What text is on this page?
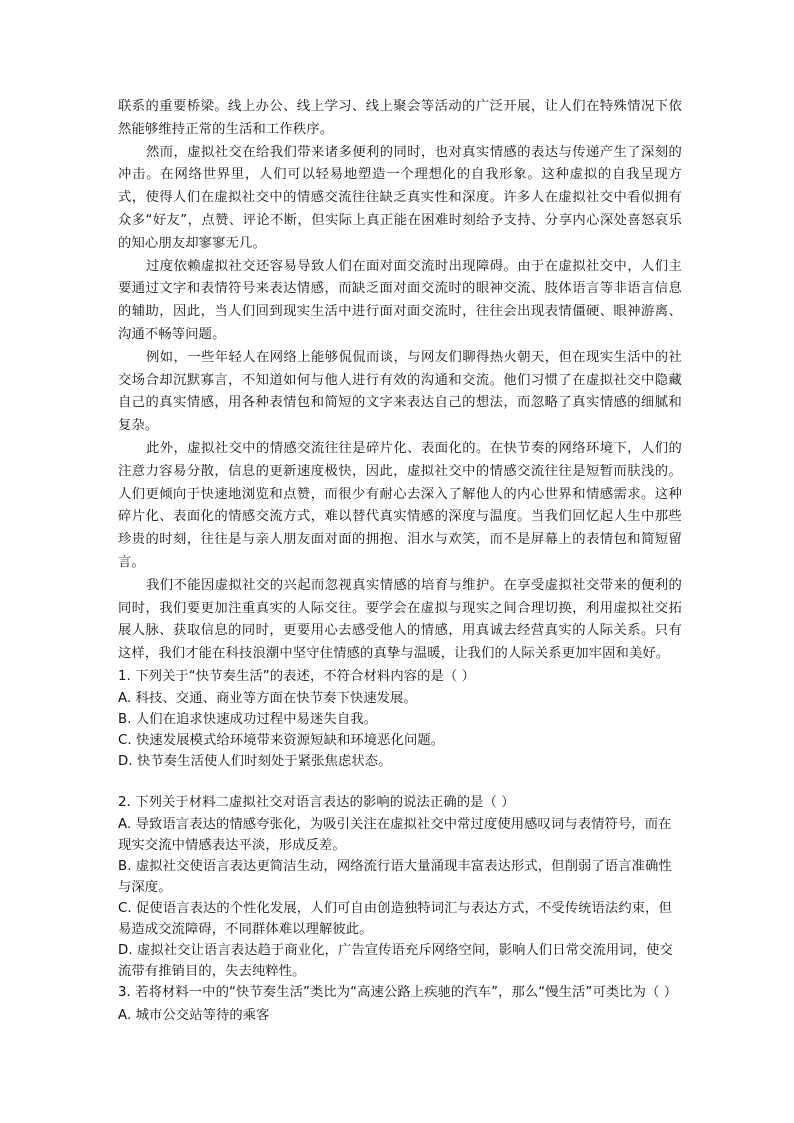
联系的重要桥梁。线上办公、线上学习、线上聚会等活动的广泛开展，让人们在特殊情况下依然能够维持正常的生活和工作秩序。

然而，虚拟社交在给我们带来诸多便利的同时，也对真实情感的表达与传递产生了深刻的冲击。在网络世界里，人们可以轻易地塑造一个理想化的自我形象。这种虚拟的自我呈现方式，使得人们在虚拟社交中的情感交流往往缺乏真实性和深度。许多人在虚拟社交中看似拥有众多“好友”，点赞、评论不断，但实际上真正能在困难时刻给予支持、分享内心深处喜怒哀乐的知心朋友却寥寥无几。

过度依赖虚拟社交还容易导致人们在面对面交流时出现障碍。由于在虚拟社交中，人们主要通过文字和表情符号来表达情感，而缺乏面对面交流时的眼神交流、肢体语言等非语言信息的辅助，因此，当人们回到现实生活中进行面对面交流时，往往会出现表情僵硬、眼神游离、沟通不畅等问题。

例如，一些年轻人在网络上能够侃侃而谈，与网友们聊得热火朝天，但在现实生活中的社交场合却沉默寡言，不知道如何与他人进行有效的沟通和交流。他们习惯了在虚拟社交中隐藏自己的真实情感，用各种表情包和简短的文字来表达自己的想法，而忽略了真实情感的细腻和复杂。

此外，虚拟社交中的情感交流往往是碎片化、表面化的。在快节奏的网络环境下，人们的注意力容易分散，信息的更新速度极快，因此，虚拟社交中的情感交流往往是短暂而肤浅的。人们更倾向于快速地浏览和点赞，而很少有耐心去深入了解他人的内心世界和情感需求。这种碎片化、表面化的情感交流方式，难以替代真实情感的深度与温度。当我们回忆起人生中那些珍贵的时刻，往往是与亲人朋友面对面的拥抱、泪水与欢笑，而不是屏幕上的表情包和简短留言。

我们不能因虚拟社交的兴起而忽视真实情感的培育与维护。在享受虚拟社交带来的便利的同时，我们要更加注重真实的人际交往。要学会在虚拟与现实之间合理切换，利用虚拟社交拓展人脉、获取信息的同时，更要用心去感受他人的情感，用真诚去经营真实的人际关系。只有这样，我们才能在科技浪潮中坚守住情感的真挚与温暖，让我们的人际关系更加牢固和美好。

1. 下列关于“快节奏生活”的表述，不符合材料内容的是（ ）

A. 科技、交通、商业等方面在快节奏下快速发展。

B. 人们在追求快速成功过程中易迷失自我。

C. 快速发展模式给环境带来资源短缺和环境恶化问题。

D. 快节奏生活使人们时刻处于紧张焦虑状态。

2. 下列关于材料二虚拟社交对语言表达的影响的说法正确的是（ ）

A. 导致语言表达的情感夸张化，为吸引关注在虚拟社交中常过度使用感叹词与表情符号，而在现实交流中情感表达平淡，形成反差。

B. 虚拟社交使语言表达更简洁生动，网络流行语大量涌现丰富表达形式，但削弱了语言准确性与深度。

C. 促使语言表达的个性化发展，人们可自由创造独特词汇与表达方式，不受传统语法约束，但易造成交流障碍，不同群体难以理解彼此。

D. 虚拟社交让语言表达趋于商业化，广告宣传语充斥网络空间，影响人们日常交流用词，使交流带有推销目的，失去纯粹性。

3. 若将材料一中的“快节奏生活”类比为“高速公路上疾驰的汽车”，那么“慢生活”可类比为（ ）

A. 城市公交站等待的乘客
